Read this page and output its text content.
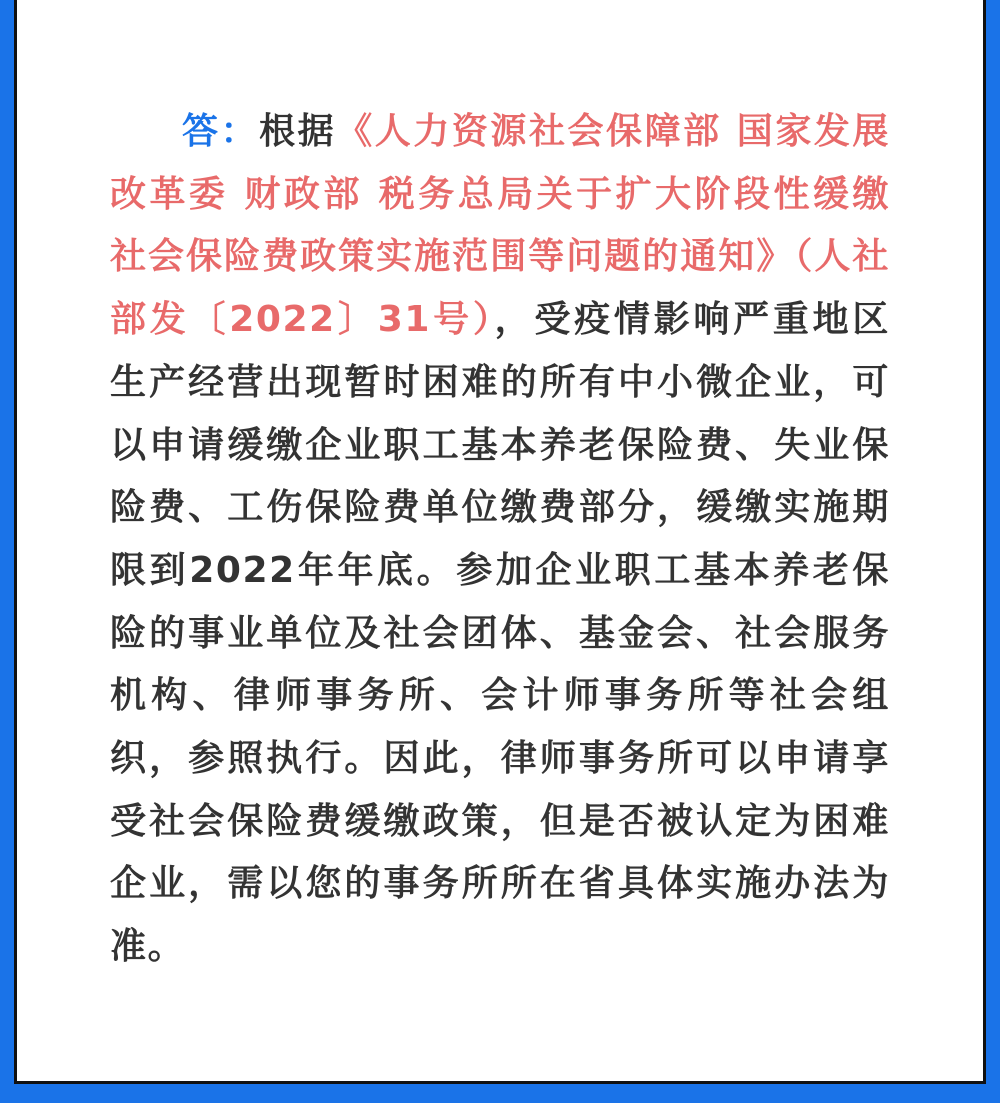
答：根据《人力资源社会保障部 国家发展改革委 财政部 税务总局关于扩大阶段性缓缴社会保险费政策实施范围等问题的通知》（人社部发〔2022〕31号），受疫情影响严重地区生产经营出现暂时困难的所有中小微企业，可以申请缓缴企业职工基本养老保险费、失业保险费、工伤保险费单位缴费部分，缓缴实施期限到2022年年底。参加企业职工基本养老保险的事业单位及社会团体、基金会、社会服务机构、律师事务所、会计师事务所等社会组织，参照执行。因此，律师事务所可以申请享受社会保险费缓缴政策，但是否被认定为困难企业，需以您的事务所所在省具体实施办法为准。
